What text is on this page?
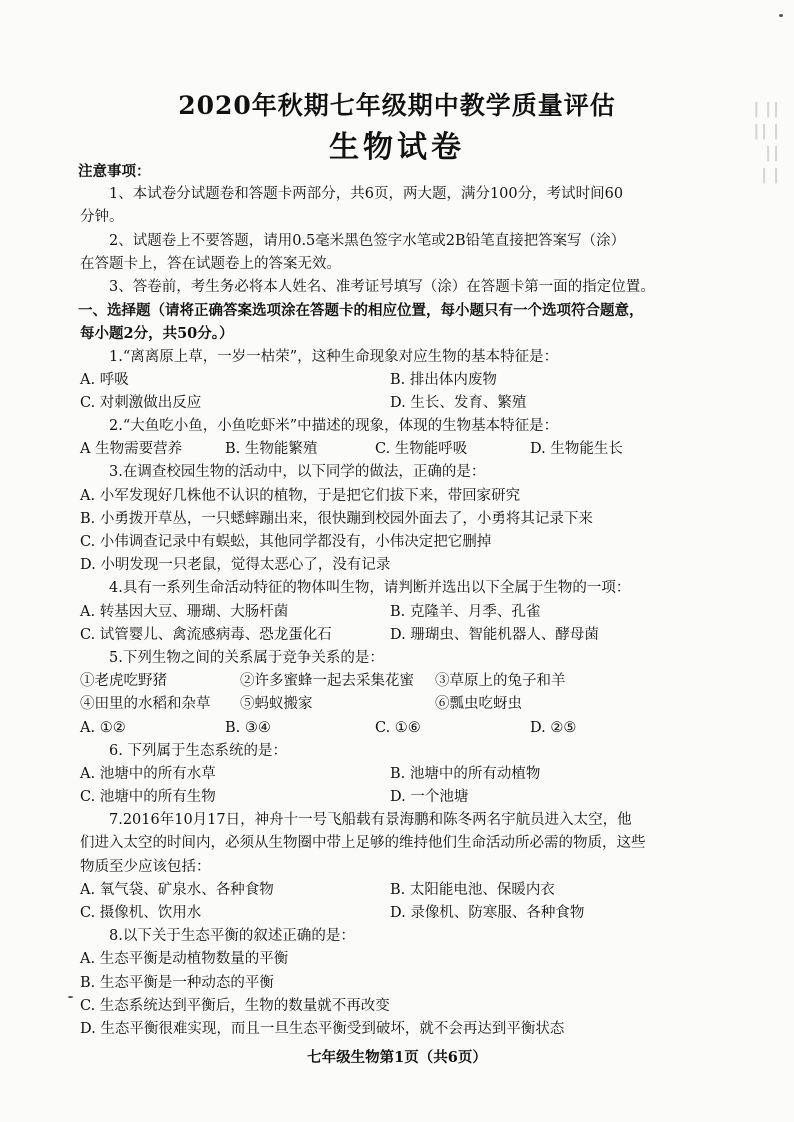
┃┃ ┃
┃ ┃┃
┃┃
┃ ┃
2020年秋期七年级期中教学质量评估
生物试卷
注意事项：
1、本试卷分试题卷和答题卡两部分，共6页，两大题，满分100分，考试时间60
分钟。
2、试题卷上不要答题，请用0.5毫米黑色签字水笔或2B铅笔直接把答案写（涂）
在答题卡上，答在试题卷上的答案无效。
3、答卷前，考生务必将本人姓名、准考证号填写（涂）在答题卡第一面的指定位置。
一、选择题（请将正确答案选项涂在答题卡的相应位置，每小题只有一个选项符合题意，
每小题2分，共50分。）
1.“离离原上草，一岁一枯荣”，这种生命现象对应生物的基本特征是：
A. 呼吸	B. 排出体内废物
C. 对刺激做出反应	D. 生长、发育、繁殖
2.“大鱼吃小鱼，小鱼吃虾米”中描述的现象，体现的生物基本特征是：
A 生物需要营养	B. 生物能繁殖	C. 生物能呼吸	D. 生物能生长
3.在调查校园生物的活动中，以下同学的做法，正确的是：
A. 小军发现好几株他不认识的植物，于是把它们拔下来，带回家研究
B. 小勇拨开草丛，一只蟋蟀蹦出来，很快蹦到校园外面去了，小勇将其记录下来
C. 小伟调查记录中有蜈蚣，其他同学都没有，小伟决定把它删掉
D. 小明发现一只老鼠，觉得太恶心了，没有记录
4.具有一系列生命活动特征的物体叫生物，请判断并选出以下全属于生物的一项：
A. 转基因大豆、珊瑚、大肠杆菌	B. 克隆羊、月季、孔雀
C. 试管婴儿、禽流感病毒、恐龙蛋化石	D. 珊瑚虫、智能机器人、酵母菌
5.下列生物之间的关系属于竞争关系的是：
①老虎吃野猪	②许多蜜蜂一起去采集花蜜	③草原上的兔子和羊
④田里的水稻和杂草	⑤蚂蚁搬家	⑥瓢虫吃蚜虫
A. ①②	B. ③④	C. ①⑥	D. ②⑤
6. 下列属于生态系统的是：
A. 池塘中的所有水草	B. 池塘中的所有动植物
C. 池塘中的所有生物	D. 一个池塘
7.2016年10月17日，神舟十一号飞船载有景海鹏和陈冬两名宇航员进入太空，他
们进入太空的时间内，必须从生物圈中带上足够的维持他们生命活动所必需的物质，这些
物质至少应该包括：
A. 氧气袋、矿泉水、各种食物	B. 太阳能电池、保暖内衣
C. 摄像机、饮用水	D. 录像机、防寒服、各种食物
8.以下关于生态平衡的叙述正确的是：
A. 生态平衡是动植物数量的平衡
B. 生态平衡是一种动态的平衡
C. 生态系统达到平衡后，生物的数量就不再改变
D. 生态平衡很难实现，而且一旦生态平衡受到破坏，就不会再达到平衡状态
七年级生物第1页（共6页）
